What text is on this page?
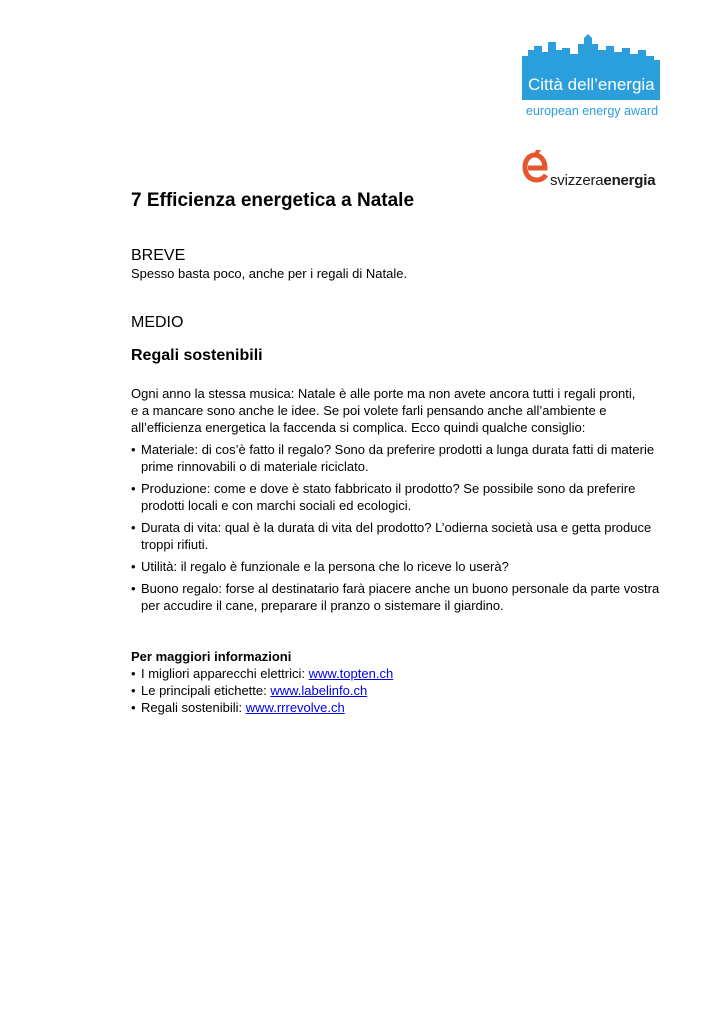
Città dell’energia
european energy award
svizzeraenergia
7 Efficienza energetica a Natale
BREVE

Spesso basta poco, anche per i regali di Natale.

MEDIO
Regali sostenibili
Ogni anno la stessa musica: Natale è alle porte ma non avete ancora tutti i regali pronti,
e a mancare sono anche le idee. Se poi volete farli pensando anche all’ambiente e
all’efficienza energetica la faccenda si complica. Ecco quindi qualche consiglio:
• Materiale: di cos’è fatto il regalo? Sono da preferire prodotti a lunga durata fatti di materie prime rinnovabili o di materiale riciclato.
• Produzione: come e dove è stato fabbricato il prodotto? Se possibile sono da preferire prodotti locali e con marchi sociali ed ecologici.
• Durata di vita: qual è la durata di vita del prodotto? L’odierna società usa e getta produce troppi rifiuti.
• Utilità: il regalo è funzionale e la persona che lo riceve lo userà?
• Buono regalo: forse al destinatario farà piacere anche un buono personale da parte vostra per accudire il cane, preparare il pranzo o sistemare il giardino.
Per maggiori informazioni
• I migliori apparecchi elettrici: www.topten.ch
• Le principali etichette: www.labelinfo.ch
• Regali sostenibili: www.rrrevolve.ch
